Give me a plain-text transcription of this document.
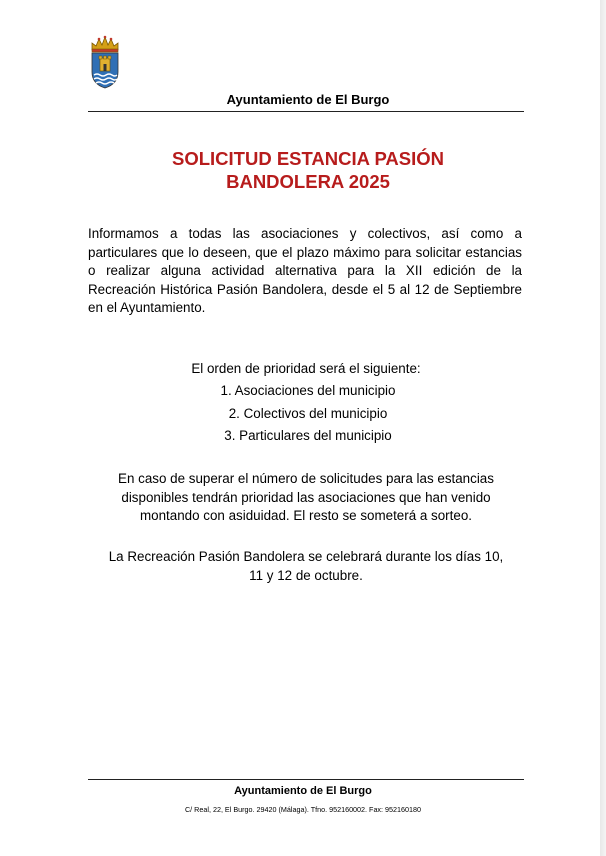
Ayuntamiento de El Burgo
SOLICITUD ESTANCIA PASIÓN
BANDOLERA 2025
Informamos a todas las asociaciones y colectivos, así como a particulares que lo deseen, que el plazo máximo para solicitar estancias o realizar alguna actividad alternativa para la XII edición de la Recreación Histórica Pasión Bandolera, desde el 5 al 12 de Septiembre en el Ayuntamiento.

El orden de prioridad será el siguiente:

1. Asociaciones del municipio
2. Colectivos del municipio
3. Particulares del municipio
En caso de superar el número de solicitudes para las estancias
disponibles tendrán prioridad las asociaciones que han venido
montando con asiduidad. El resto se someterá a sorteo.
La Recreación Pasión Bandolera se celebrará durante los días 10,
11 y 12 de octubre.
Ayuntamiento de El Burgo
C/ Real, 22, El Burgo. 29420 (Málaga). Tfno. 952160002. Fax: 952160180
